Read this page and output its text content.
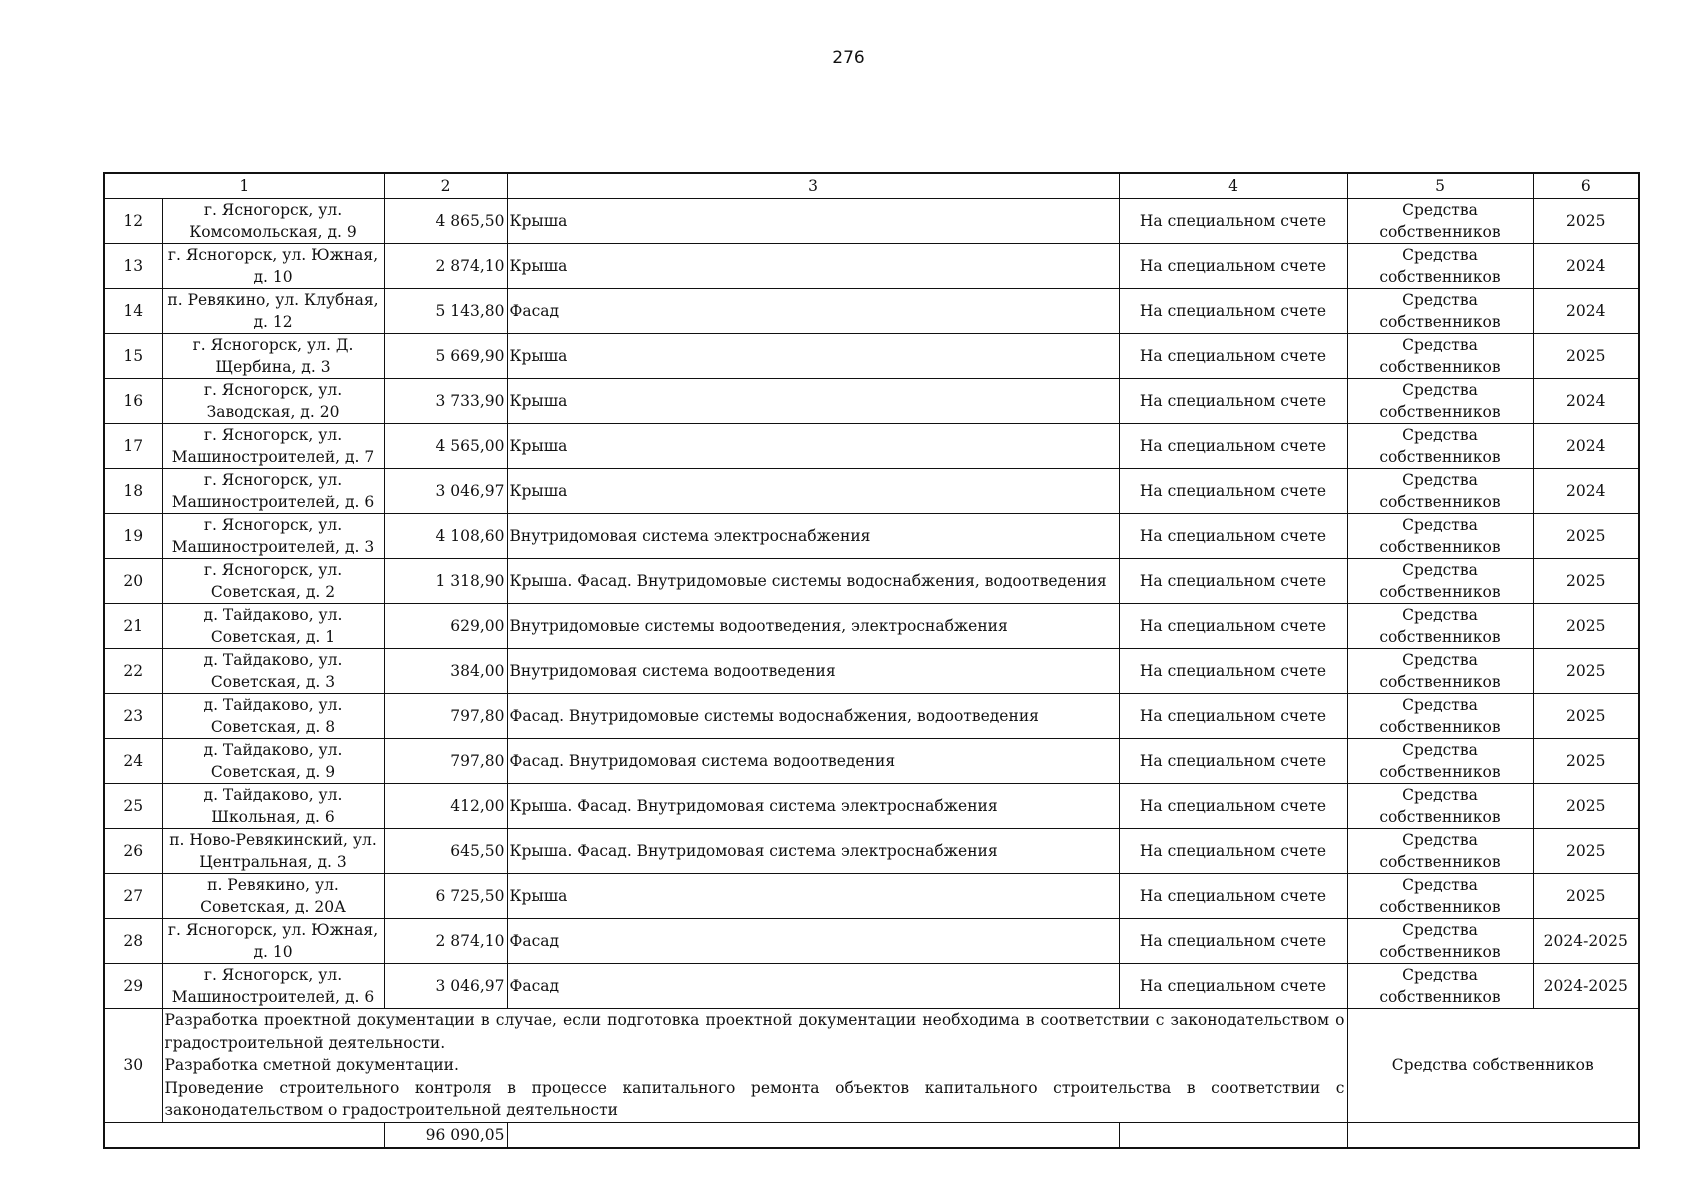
276
1		2	3	4	5	6
12	г. Ясногорск, ул. Комсомольская, д. 9	4 865,50	Крыша	На специальном счете	Средства собственников	2025
13	г. Ясногорск, ул. Южная, д. 10	2 874,10	Крыша	На специальном счете	Средства собственников	2024
14	п. Ревякино, ул. Клубная, д. 12	5 143,80	Фасад	На специальном счете	Средства собственников	2024
15	г. Ясногорск, ул. Д. Щербина, д. 3	5 669,90	Крыша	На специальном счете	Средства собственников	2025
16	г. Ясногорск, ул. Заводская, д. 20	3 733,90	Крыша	На специальном счете	Средства собственников	2024
17	г. Ясногорск, ул. Машиностроителей, д. 7	4 565,00	Крыша	На специальном счете	Средства собственников	2024
18	г. Ясногорск, ул. Машиностроителей, д. 6	3 046,97	Крыша	На специальном счете	Средства собственников	2024
19	г. Ясногорск, ул. Машиностроителей, д. 3	4 108,60	Внутридомовая система электроснабжения	На специальном счете	Средства собственников	2025
20	г. Ясногорск, ул. Советская, д. 2	1 318,90	Крыша. Фасад. Внутридомовые системы водоснабжения, водоотведения	На специальном счете	Средства собственников	2025
21	д. Тайдаково, ул. Советская, д. 1	629,00	Внутридомовые системы водоотведения, электроснабжения	На специальном счете	Средства собственников	2025
22	д. Тайдаково, ул. Советская, д. 3	384,00	Внутридомовая система водоотведения	На специальном счете	Средства собственников	2025
23	д. Тайдаково, ул. Советская, д. 8	797,80	Фасад. Внутридомовые системы водоснабжения, водоотведения	На специальном счете	Средства собственников	2025
24	д. Тайдаково, ул. Советская, д. 9	797,80	Фасад. Внутридомовая система водоотведения	На специальном счете	Средства собственников	2025
25	д. Тайдаково, ул. Школьная, д. 6	412,00	Крыша. Фасад. Внутридомовая система электроснабжения	На специальном счете	Средства собственников	2025
26	п. Ново-Ревякинский, ул. Центральная, д. 3	645,50	Крыша. Фасад. Внутридомовая система электроснабжения	На специальном счете	Средства собственников	2025
27	п. Ревякино, ул. Советская, д. 20А	6 725,50	Крыша	На специальном счете	Средства собственников	2025
28	г. Ясногорск, ул. Южная, д. 10	2 874,10	Фасад	На специальном счете	Средства собственников	2024-2025
29	г. Ясногорск, ул. Машиностроителей, д. 6	3 046,97	Фасад	На специальном счете	Средства собственников	2024-2025
30	Разработка проектной документации в случае, если подготовка проектной документации необходима в соответствии с законодательством о градостроительной деятельности.
Разработка сметной документации.
Проведение строительного контроля в процессе капитального ремонта объектов капитального строительства в соответствии с законодательством о градостроительной деятельности				Средства собственников	
		96 090,05				
